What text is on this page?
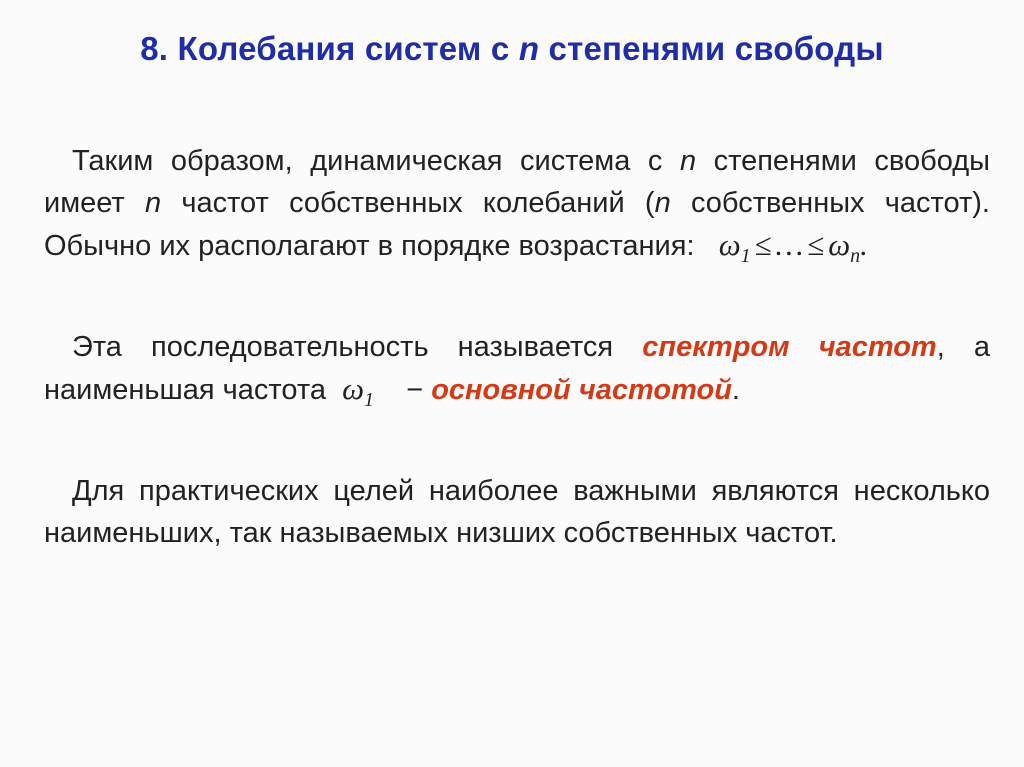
8. Колебания систем с n степенями свободы
Таким образом, динамическая система с n степенями свободы имеет n частот собственных колебаний (n собственных частот). Обычно их располагают в порядке возрастания: $\omega_1$ ≤ … ≤ $\omega_n$.
Эта последовательность называется спектром частот, а наименьшая частота  $\omega_1$    − основной частотой.
Для практических целей наиболее важными являются несколько наименьших, так называемых низших собственных частот.
